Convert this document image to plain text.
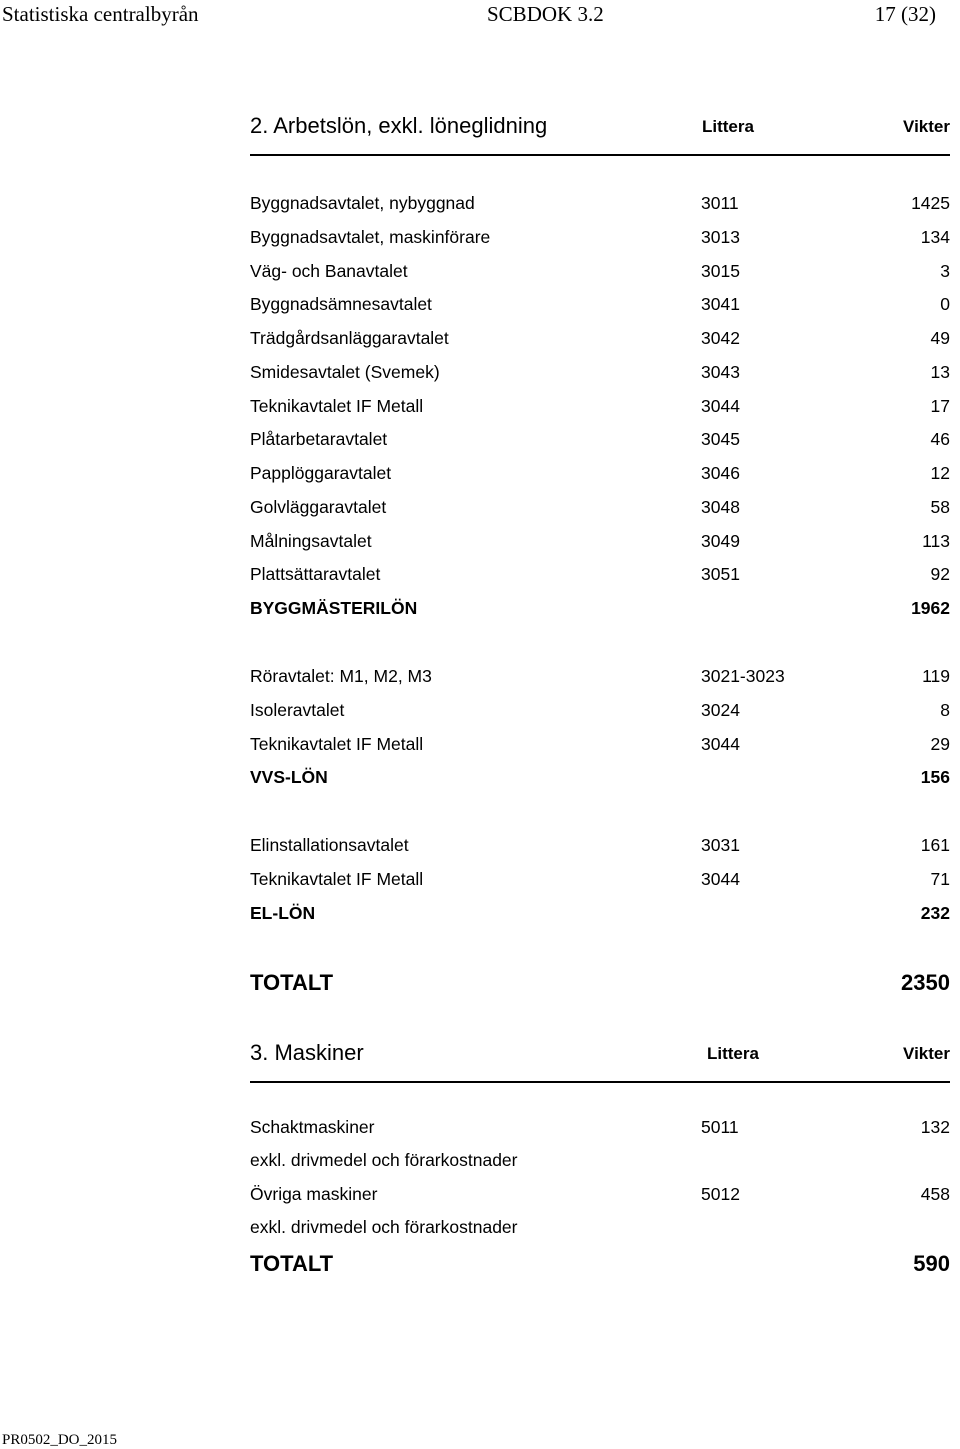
Statistiska centralbyrån	SCBDOK 3.2	17 (32)
2. Arbetslön, exkl. löneglidning	Littera	Vikter
Byggnadsavtalet, nybyggnad	3011	1425
Byggnadsavtalet, maskinförare	3013	134
Väg- och Banavtalet	3015	3
Byggnadsämnesavtalet	3041	0
Trädgårdsanläggaravtalet	3042	49
Smidesavtalet (Svemek)	3043	13
Teknikavtalet IF Metall	3044	17
Plåtarbetaravtalet	3045	46
Papplöggaravtalet	3046	12
Golvläggaravtalet	3048	58
Målningsavtalet	3049	113
Plattsättaravtalet	3051	92
BYGGMÄSTERILÖN	1962
Röravtalet: M1, M2, M3	3021-3023	119
Isoleravtalet	3024	8
Teknikavtalet IF Metall	3044	29
VVS-LÖN	156
Elinstallationsavtalet	3031	161
Teknikavtalet IF Metall	3044	71
EL-LÖN	232
TOTALT	2350
3. Maskiner	Littera	Vikter
Schaktmaskiner	5011	132
exkl. drivmedel och förarkostnader
Övriga maskiner	5012	458
exkl. drivmedel och förarkostnader
TOTALT	590
PR0502_DO_2015
